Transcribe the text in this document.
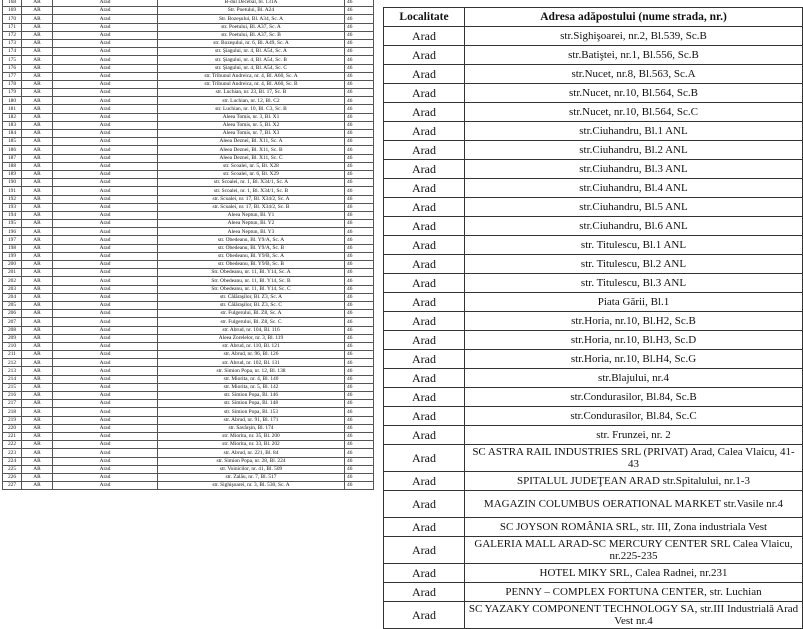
168	AR	Arad	B-dul Decebal, bl. 131A	46
169	AR	Arad	Str. Poetului, Bl. A24	46
170	AR	Arad	Str. Bozeşului, Bl. A34, Sc. A	46
171	AR	Arad	str. Poetului, Bl. A37, Sc. A	46
172	AR	Arad	str. Poetului, Bl. A37, Sc. B	46
173	AR	Arad	str. Bozeşului, nr. 6, Bl. A49, Sc. A	46
174	AR	Arad	str. Şiagului, nr. 4, Bl. A54, Sc. A	46
175	AR	Arad	str. Şiagului, nr. 4, Bl. A54, Sc. B	46
176	AR	Arad	str. Şiagului, nr. 4, Bl. A54, Sc. C	46
177	AR	Arad	str. Tribunul Andreica, nr. 4, Bl. A60, Sc. A	46
178	AR	Arad	str. Tribunul Andreica, nr. 4, Bl. A60, Sc. B	46
179	AR	Arad	str. Luchian, nr. 23, Bl. 17, Sc. B	46
180	AR	Arad	str. Luchian, nr. 12, Bl. C2	46
181	AR	Arad	str. Luchian, nr. 10, Bl. C3, Sc. B	46
182	AR	Arad	Aleea Tomis, nr. 3, Bl. X1	46
183	AR	Arad	Aleea Tomis, nr. 5, Bl. X2	46
184	AR	Arad	Aleea Tomis, nr. 7, Bl. X3	46
185	AR	Arad	Aleea Deznei, Bl. X11, Sc. A	46
186	AR	Arad	Aleea Deznei, Bl. X11, Sc. B	46
187	AR	Arad	Aleea Deznei, Bl. X11, Sc. C	46
188	AR	Arad	str. Scoalei, nr. 5, Bl. X28	46
189	AR	Arad	str. Scoalei, nr. 6, Bl. X29	46
190	AR	Arad	str. Scoalei, nr. 1, Bl. X34/1, Sc. A	46
191	AR	Arad	str. Scoalei, nr. 1, Bl. X34/1, Sc. B	46
192	AR	Arad	str. Scoalei, nr. 17, Bl. X34/2, Sc. A	46
193	AR	Arad	str. Scoalei, nr. 17, Bl. X34/2, Sc. B	46
194	AR	Arad	Aleea Neptun, Bl. Y1	46
195	AR	Arad	Aleea Neptun, Bl. Y2	46
196	AR	Arad	Aleea Neptun, Bl. Y3	46
197	AR	Arad	str. Obedeanu, Bl. Y9/A, Sc. A	46
198	AR	Arad	str. Obedeanu, Bl. Y9/A, Sc. B	46
199	AR	Arad	str. Obedeanu, Bl. Y9/B, Sc. A	46
200	AR	Arad	str. Obedeanu, Bl. Y9/B, Sc. B	46
201	AR	Arad	Str. Obedeanu, nr. 11, Bl. Y14, Sc. A	46
202	AR	Arad	Str. Obedeanu, nr. 11, Bl. Y14, Sc. B	46
203	AR	Arad	Str. Obedeanu, nr. 11, Bl. Y14, Sc. C	46
204	AR	Arad	str. Călăraşilor, Bl. Z3, Sc. A	46
205	AR	Arad	str. Călăraşilor, Bl. Z3, Sc. C	46
206	AR	Arad	str. Fulgerului, Bl. Z8, Sc. A	46
207	AR	Arad	str. Fulgerului, Bl. Z8, Sc. C	46
208	AR	Arad	str. Abrud, nr. 104, Bl. 116	46
209	AR	Arad	Aleea Zorelelor, nr. 3, Bl. 119	46
210	AR	Arad	str. Abrud, nr. 110, Bl. 121	46
211	AR	Arad	str. Abrud, nr. 96, Bl. 126	46
212	AR	Arad	str. Abrud, nr. 102, Bl. 131	46
213	AR	Arad	str. Simion Popa, nr. 12, Bl. 138	46
214	AR	Arad	str. Miorita, nr. 4, Bl. 140	46
215	AR	Arad	str. Miorita, nr. 5, Bl. 142	46
216	AR	Arad	str. Simion Popa, Bl. 146	46
217	AR	Arad	str. Simion Popa, Bl. 148	46
218	AR	Arad	str. Simion Popa, Bl. 153	46
219	AR	Arad	str. Abrud, nr. 91, Bl. 171	46
220	AR	Arad	str. Savârşin, Bl. 174	46
221	AR	Arad	str. Miorita, nr. 35, Bl. 200	46
222	AR	Arad	str. Miorita, nr. 33, Bl. 202	46
223	AR	Arad	str. Abrud, nr. 221, Bl. 84	46
224	AR	Arad	str. Simion Popa, nr. 28, Bl. 224	46
225	AR	Arad	str. Voinicilor, nr. 41, Bl. 509	46
226	AR	Arad	str. Zalău, nr. 7, Bl. 517	46
227	AR	Arad	str. Sighişoarei, nr. 3, Bl. 530, Sc. A	46
Localitate	Adresa adăpostului (nume strada, nr.)
Arad	str.Sighişoarei, nr.2, Bl.539, Sc.B
Arad	str.Batiştei, nr.1, Bl.556, Sc.B
Arad	str.Nucet, nr.8, Bl.563, Sc.A
Arad	str.Nucet, nr.10, Bl.564, Sc.B
Arad	str.Nucet, nr.10, Bl.564, Sc.C
Arad	str.Ciuhandru, Bl.1 ANL
Arad	str.Ciuhandru, Bl.2 ANL
Arad	str.Ciuhandru, Bl.3 ANL
Arad	str.Ciuhandru, Bl.4 ANL
Arad	str.Ciuhandru, Bl.5 ANL
Arad	str.Ciuhandru, Bl.6 ANL
Arad	str. Titulescu, Bl.1 ANL
Arad	str. Titulescu, Bl.2 ANL
Arad	str. Titulescu, Bl.3 ANL
Arad	Piata Gării, Bl.1
Arad	str.Horia, nr.10, Bl.H2, Sc.B
Arad	str.Horia, nr.10, Bl.H3, Sc.D
Arad	str.Horia, nr.10, Bl.H4, Sc.G
Arad	str.Blajului, nr.4
Arad	str.Condurasilor, Bl.84, Sc.B
Arad	str.Condurasilor, Bl.84, Sc.C
Arad	str. Frunzei, nr. 2
Arad	SC ASTRA RAIL INDUSTRIES SRL (PRIVAT) Arad, Calea Vlaicu, 41-43
Arad	SPITALUL JUDEŢEAN ARAD str.Spitalului, nr.1-3
Arad	MAGAZIN COLUMBUS OERATIONAL MARKET str.Vasile nr.4
Arad	SC JOYSON ROMÂNIA SRL, str. III, Zona industriala Vest
Arad	GALERIA MALL ARAD-SC MERCURY CENTER SRL Calea Vlaicu, nr.225-235
Arad	HOTEL MIKY SRL, Calea Radnei, nr.231
Arad	PENNY – COMPLEX FORTUNA CENTER, str. Luchian
Arad	SC YAZAKY COMPONENT TECHNOLOGY SA, str.III Industrială Arad Vest nr.4
